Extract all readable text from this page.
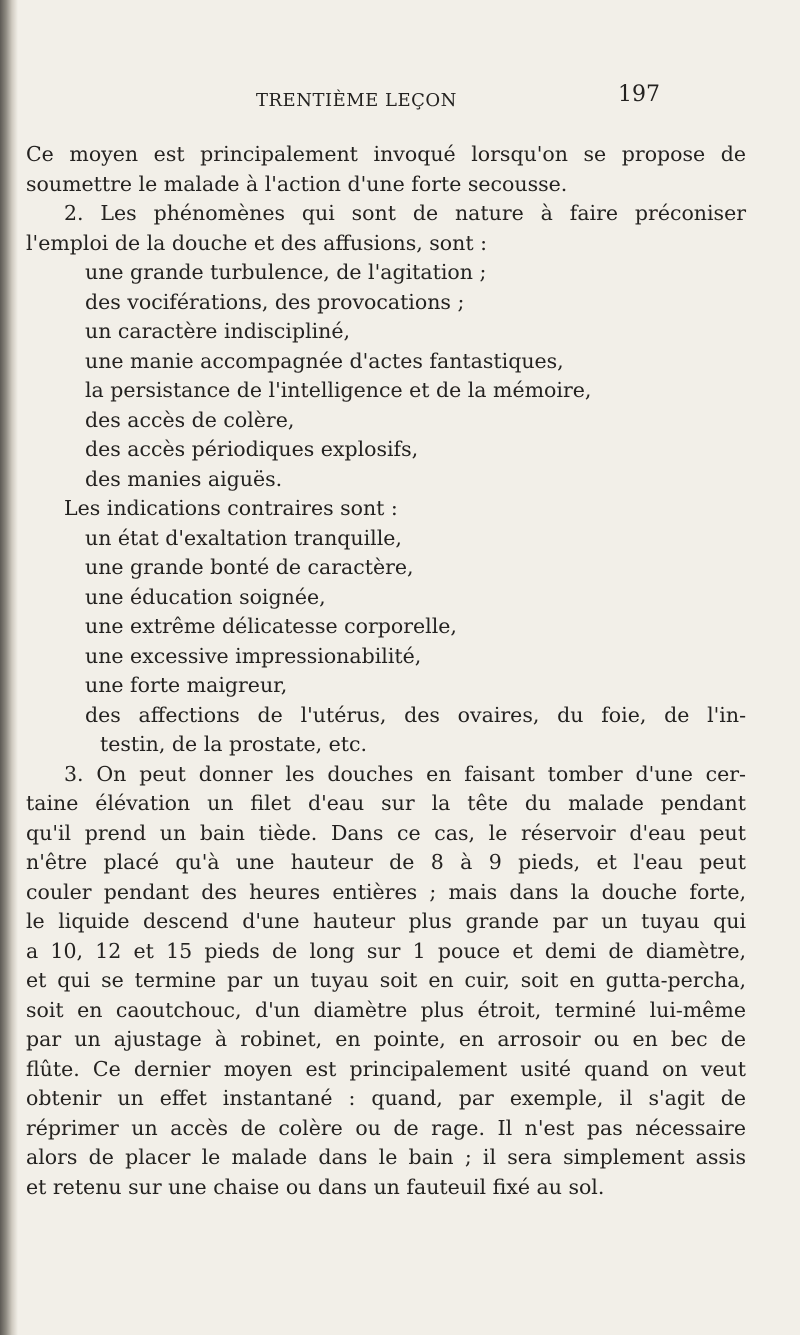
TRENTIÈME LEÇON	197
Ce moyen est principalement invoqué lorsqu'on se propose de
soumettre le malade à l'action d'une forte secousse.
2. Les phénomènes qui sont de nature à faire préconiser
l'emploi de la douche et des affusions, sont :
une grande turbulence, de l'agitation ;
des vociférations, des provocations ;
un caractère indiscipliné,
une manie accompagnée d'actes fantastiques,
la persistance de l'intelligence et de la mémoire,
des accès de colère,
des accès périodiques explosifs,
des manies aiguës.
Les indications contraires sont :
un état d'exaltation tranquille,
une grande bonté de caractère,
une éducation soignée,
une extrême délicatesse corporelle,
une excessive impressionabilité,
une forte maigreur,
des affections de l'utérus, des ovaires, du foie, de l'in-
testin, de la prostate, etc.
3. On peut donner les douches en faisant tomber d'une cer-
taine élévation un filet d'eau sur la tête du malade pendant
qu'il prend un bain tiède. Dans ce cas, le réservoir d'eau peut
n'être placé qu'à une hauteur de 8 à 9 pieds, et l'eau peut
couler pendant des heures entières ; mais dans la douche forte,
le liquide descend d'une hauteur plus grande par un tuyau qui
a 10, 12 et 15 pieds de long sur 1 pouce et demi de diamètre,
et qui se termine par un tuyau soit en cuir, soit en gutta-percha,
soit en caoutchouc, d'un diamètre plus étroit, terminé lui-même
par un ajustage à robinet, en pointe, en arrosoir ou en bec de
flûte. Ce dernier moyen est principalement usité quand on veut
obtenir un effet instantané : quand, par exemple, il s'agit de
réprimer un accès de colère ou de rage. Il n'est pas nécessaire
alors de placer le malade dans le bain ; il sera simplement assis
et retenu sur une chaise ou dans un fauteuil fixé au sol.
